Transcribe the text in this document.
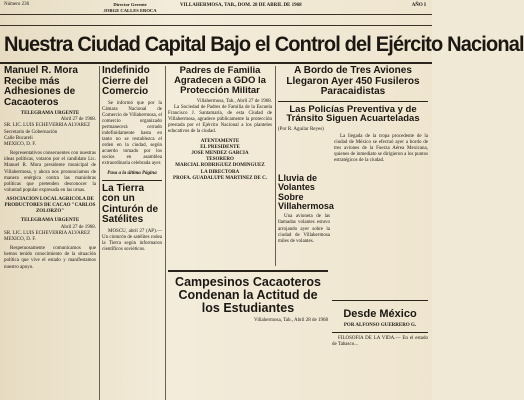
Número 236	Director Gerente
JORGE CALLES EROCA
VILLAHERMOSA, TAB., DOM. 28 DE ABRIL DE 1968	AÑO I
Nuestra Ciudad Capital Bajo el Control del Ejército Nacional
Manuel R. Mora Recibe más Adhesiones de Cacaoteros
TELEGRAMA URGENTE
Abril 27 de 1968.
SR. LIC. LUIS ECHEVERRIA ALVAREZ
Secretario de Gobernación
Calle Bucareli
MEXICO, D. F.

Representativos consecuentes con nuestras ideas políticas, votaron por el candidato Lic. Manuel R. Mora presidente municipal de Villahermosa, y ahora nos pronunciamos de manera enérgica contra las maniobras políticas que pretenden desconocer la voluntad popular expresada en las urnas.

ASOCIACION LOCAL AGRICOLA DE PRODUCTORES DE CACAO "CARLOS ZOLORZO"
TELEGRAMA URGENTE
Abril 27 de 1968.
SR. LIC. LUIS ECHEVERRIA ALVAREZ
MEXICO, D. F.

Respetuosamente comunicamos que hemos tenido conocimiento de la situación política que vive el estado y manifestamos nuestro apoyo.

Indefinido Cierre del Comercio

Se informó que por la Cámara Nacional de Comercio de Villahermosa, el comercio organizado permanecerá cerrado indefinidamente hasta en tanto no se restablezca el orden en la ciudad, según acuerdo tomado por los socios en asamblea extraordinaria celebrada ayer.

Pasa a la última Página
La Tierra con un Cinturón de Satélites

MOSCU, abril 27 (AP).— Un cinturón de satélites rodea la Tierra según informaron científicos soviéticos.

Padres de Familia Agradecen a GDO la Protección Militar
Villahermosa, Tab., Abril 27 de 1968.

La Sociedad de Padres de Familia de la Escuela Francisco J. Santamaría, de esta Ciudad de Villahermosa, agradece públicamente la protección prestada por el Ejército Nacional a los planteles educativos de la ciudad.

ATENTAMENTE
EL PRESIDENTE
JOSE MENDEZ GARCIA
TESORERO
MARCIAL RODRIGUEZ DOMINGUEZ
LA DIRECTORA
PROFA. GUADALUPE MARTINEZ DE C.
Campesinos Cacaoteros Condenan la Actitud de los Estudiantes
Villahermosa, Tab., Abril 28 de 1968
A Bordo de Tres Aviones Llegaron Ayer 450 Fusileros Paracaidistas
Las Policías Preventiva y de Tránsito Siguen Acuarteladas
(Por R. Aguilar Reyes)
Lluvia de Volantes Sobre Villahermosa

Una avioneta de las llamadas volantes estuvo arrojando ayer sobre la ciudad de Villahermosa miles de volantes.

La llegada de la tropa procedente de la ciudad de México se efectuó ayer a bordo de tres aviones de la Fuerza Aérea Mexicana, quienes de inmediato se dirigieron a los puntos estratégicos de la ciudad.

Desde México
POR ALFONSO GUERRERO G.

FILOSOFIA DE LA VIDA.— En el estado de Tabasco...
